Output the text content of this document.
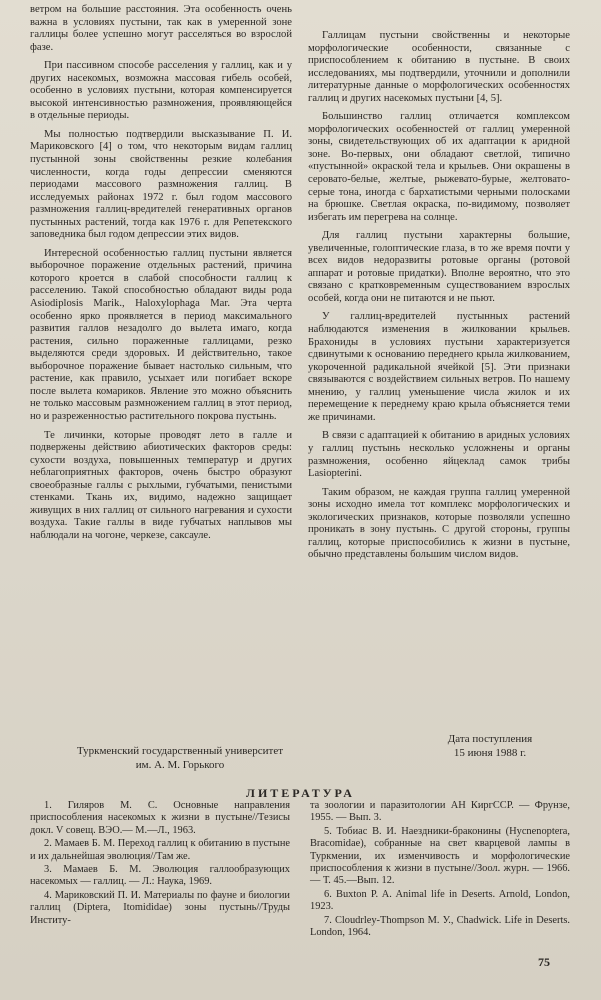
ветром на большие расстояния. Эта особенность очень важна в условиях пустыни, так как в умеренной зоне галлицы более успешно могут расселяться во взрослой фазе.

При пассивном способе расселения у галлиц, как и у других насекомых, возможна массовая гибель особей, особенно в условиях пустыни, которая компенсируется высокой интенсивностью размножения, проявляющейся в отдельные периоды.

Мы полностью подтвердили высказывание П. И. Мариковского [4] о том, что некоторым видам галлиц пустынной зоны свойственны резкие колебания численности, когда годы депрессии сменяются периодами массового размножения галлиц. В исследуемых районах 1972 г. был годом массового размножения галлиц-вредителей генеративных органов пустынных растений, тогда как 1976 г. для Репетекского заповедника был годом депрессии этих видов.

Интересной особенностью галлиц пустыни является выборочное поражение отдельных растений, причина которого кроется в слабой способности галлиц к расселению. Такой способностью обладают виды рода Asiodiplosis Marik., Haloxylophaga Mar. Эта черта особенно ярко проявляется в период максимального развития галлов незадолго до вылета имаго, когда растения, сильно пораженные галлицами, резко выделяются среди здоровых. И действительно, такое выборочное поражение бывает настолько сильным, что растение, как правило, усыхает или погибает вскоре после вылета комариков. Явление это можно объяснить не только массовым размножением галлиц в этот период, но и разреженностью растительного покрова пустынь.

Те личинки, которые проводят лето в галле и подвержены действию абиотических факторов среды: сухости воздуха, повышенных температур и других неблагоприятных факторов, очень быстро образуют своеобразные галлы с рыхлыми, губчатыми, пенистыми стенками. Ткань их, видимо, надежно защищает живущих в них галлиц от сильного нагревания и сухости воздуха. Такие галлы в виде губчатых наплывов мы наблюдали на чогоне, черкезе, саксауле.

Галлицам пустыни свойственны и некоторые морфологические особенности, связанные с приспособлением к обитанию в пустыне. В своих исследованиях, мы подтвердили, уточнили и дополнили литературные данные о морфологических особенностях галлиц и других насекомых пустыни [4, 5].

Большинство галлиц отличается комплексом морфологических особенностей от галлиц умеренной зоны, свидетельствующих об их адаптации к аридной зоне. Во-первых, они обладают светлой, типично «пустынной» окраской тела и крыльев. Они окрашены в серовато-белые, желтые, рыжевато-бурые, желтовато-серые тона, иногда с бархатистыми черными полосками на брюшке. Светлая окраска, по-видимому, позволяет избегать им перегрева на солнце.

Для галлиц пустыни характерны большие, увеличенные, голоптические глаза, в то же время почти у всех видов недоразвиты ротовые органы (ротовой аппарат и ротовые придатки). Вполне вероятно, что это связано с кратковременным существованием взрослых особей, когда они не питаются и не пьют.

У галлиц-вредителей пустынных растений наблюдаются изменения в жилковании крыльев. Брахониды в условиях пустыни характеризуется сдвинутыми к основанию переднего крыла жилкованием, укороченной радикальной ячейкой [5]. Эти признаки связываются с воздействием сильных ветров. По нашему мнению, у галлиц уменьшение числа жилок и их перемещение к переднему краю крыла объясняется теми же причинами.

В связи с адаптацией к обитанию в аридных условиях у галлиц пустынь несколько усложнены и органы размножения, особенно яйцеклад самок трибы Lasiopterini.

Таким образом, не каждая группа галлиц умеренной зоны исходно имела тот комплекс морфологических и экологических признаков, которые позволяли успешно проникать в зону пустынь. С другой стороны, группы галлиц, которые приспособились к жизни в пустыне, обычно представлены большим числом видов.

Туркменский государственный университет
им. А. М. Горького
Дата поступления
15 июня 1988 г.
ЛИТЕРАТУРА

1. Гиляров М. С. Основные направления приспособления насекомых к жизни в пустыне//Тезисы докл. V совещ. ВЭО.— М.—Л., 1963.

2. Мамаев Б. М. Переход галлиц к обитанию в пустыне и их дальнейшая эволюция//Там же.

3. Мамаев Б. М. Эволюция галлообразующих насекомых — галлиц. — Л.: Наука, 1969.

4. Мариковский П. И. Материалы по фауне и биологии галлиц (Diptera, Itomididae) зоны пустынь//Труды Институ-

та зоологии и паразитологии АН КиргССР. — Фрунзе, 1955. — Вып. 3.

5. Тобиас В. И. Наездники-браконины (Hycnenoptera, Bracomidae), собранные на свет кварцевой лампы в Туркмении, их изменчивость и морфологические приспособления к жизни в пустыне//Зоол. журн. — 1966. — Т. 45.—Вып. 12.

6. Buxton P. A. Animal life in Deserts. Arnold, London, 1923.

7. Cloudrley-Thompson M. У., Chadwick. Life in Deserts. London, 1964.

75
